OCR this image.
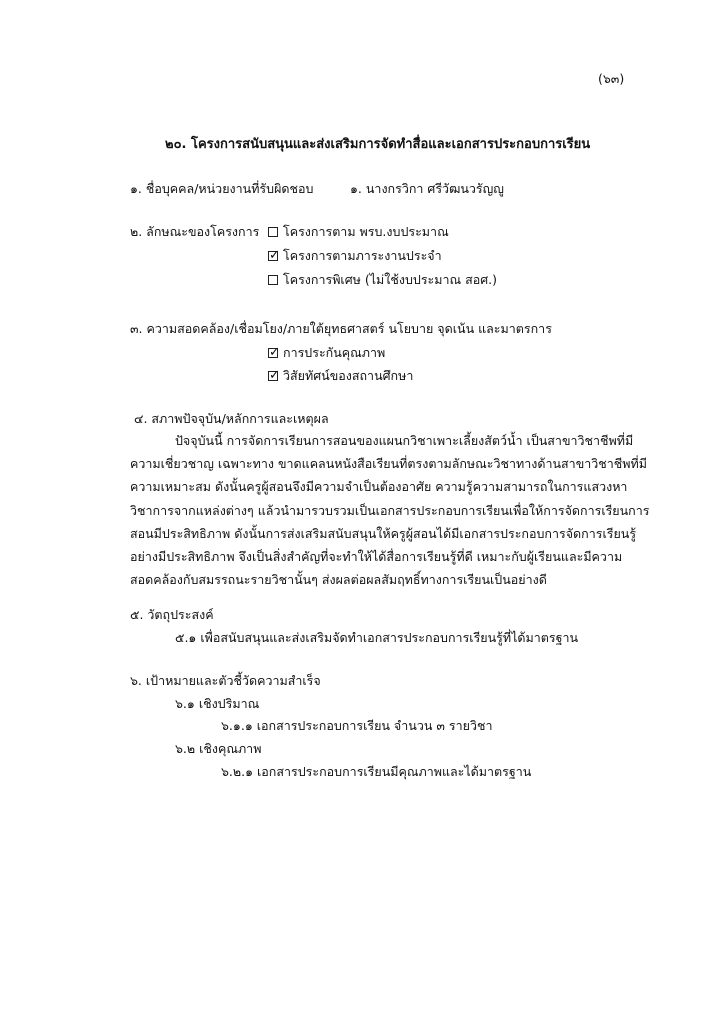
(๖๓)
๒๐. โครงการสนับสนุนและส่งเสริมการจัดทำสื่อและเอกสารประกอบการเรียน
๑. ชื่อบุคคล/หน่วยงานที่รับผิดชอบ	๑. นางกรวิกา ศรีวัฒนวรัญญู
๒. ลักษณะของโครงการ	โครงการตาม พรบ.งบประมาณ
✓โครงการตามภาระงานประจำ
โครงการพิเศษ (ไม่ใช้งบประมาณ สอศ.)
๓. ความสอดคล้อง/เชื่อมโยง/ภายใต้ยุทธศาสตร์ นโยบาย จุดเน้น และมาตรการ
✓การประกันคุณภาพ
✓วิสัยทัศน์ของสถานศึกษา
๔. สภาพปัจจุบัน/หลักการและเหตุผล
ปัจจุบันนี้ การจัดการเรียนการสอนของแผนกวิชาเพาะเลี้ยงสัตว์น้ำ เป็นสาขาวิชาชีพที่มี
ความเชี่ยวชาญ เฉพาะทาง ขาดแคลนหนังสือเรียนที่ตรงตามลักษณะวิชาทางด้านสาขาวิชาชีพที่มี
ความเหมาะสม ดังนั้นครูผู้สอนจึงมีความจำเป็นต้องอาศัย ความรู้ความสามารถในการแสวงหา
วิชาการจากแหล่งต่างๆ แล้วนำมารวบรวมเป็นเอกสารประกอบการเรียนเพื่อให้การจัดการเรียนการ
สอนมีประสิทธิภาพ ดังนั้นการส่งเสริมสนับสนุนให้ครูผู้สอนได้มีเอกสารประกอบการจัดการเรียนรู้
อย่างมีประสิทธิภาพ จึงเป็นสิ่งสำคัญที่จะทำให้ได้สื่อการเรียนรู้ที่ดี เหมาะกับผู้เรียนและมีความ
สอดคล้องกับสมรรถนะรายวิชานั้นๆ ส่งผลต่อผลสัมฤทธิ์ทางการเรียนเป็นอย่างดี
๕. วัตถุประสงค์
๕.๑ เพื่อสนับสนุนและส่งเสริมจัดทำเอกสารประกอบการเรียนรู้ที่ได้มาตรฐาน
๖. เป้าหมายและตัวชี้วัดความสำเร็จ
๖.๑ เชิงปริมาณ
๖.๑.๑ เอกสารประกอบการเรียน จำนวน ๓ รายวิชา
๖.๒ เชิงคุณภาพ
๖.๒.๑ เอกสารประกอบการเรียนมีคุณภาพและได้มาตรฐาน
